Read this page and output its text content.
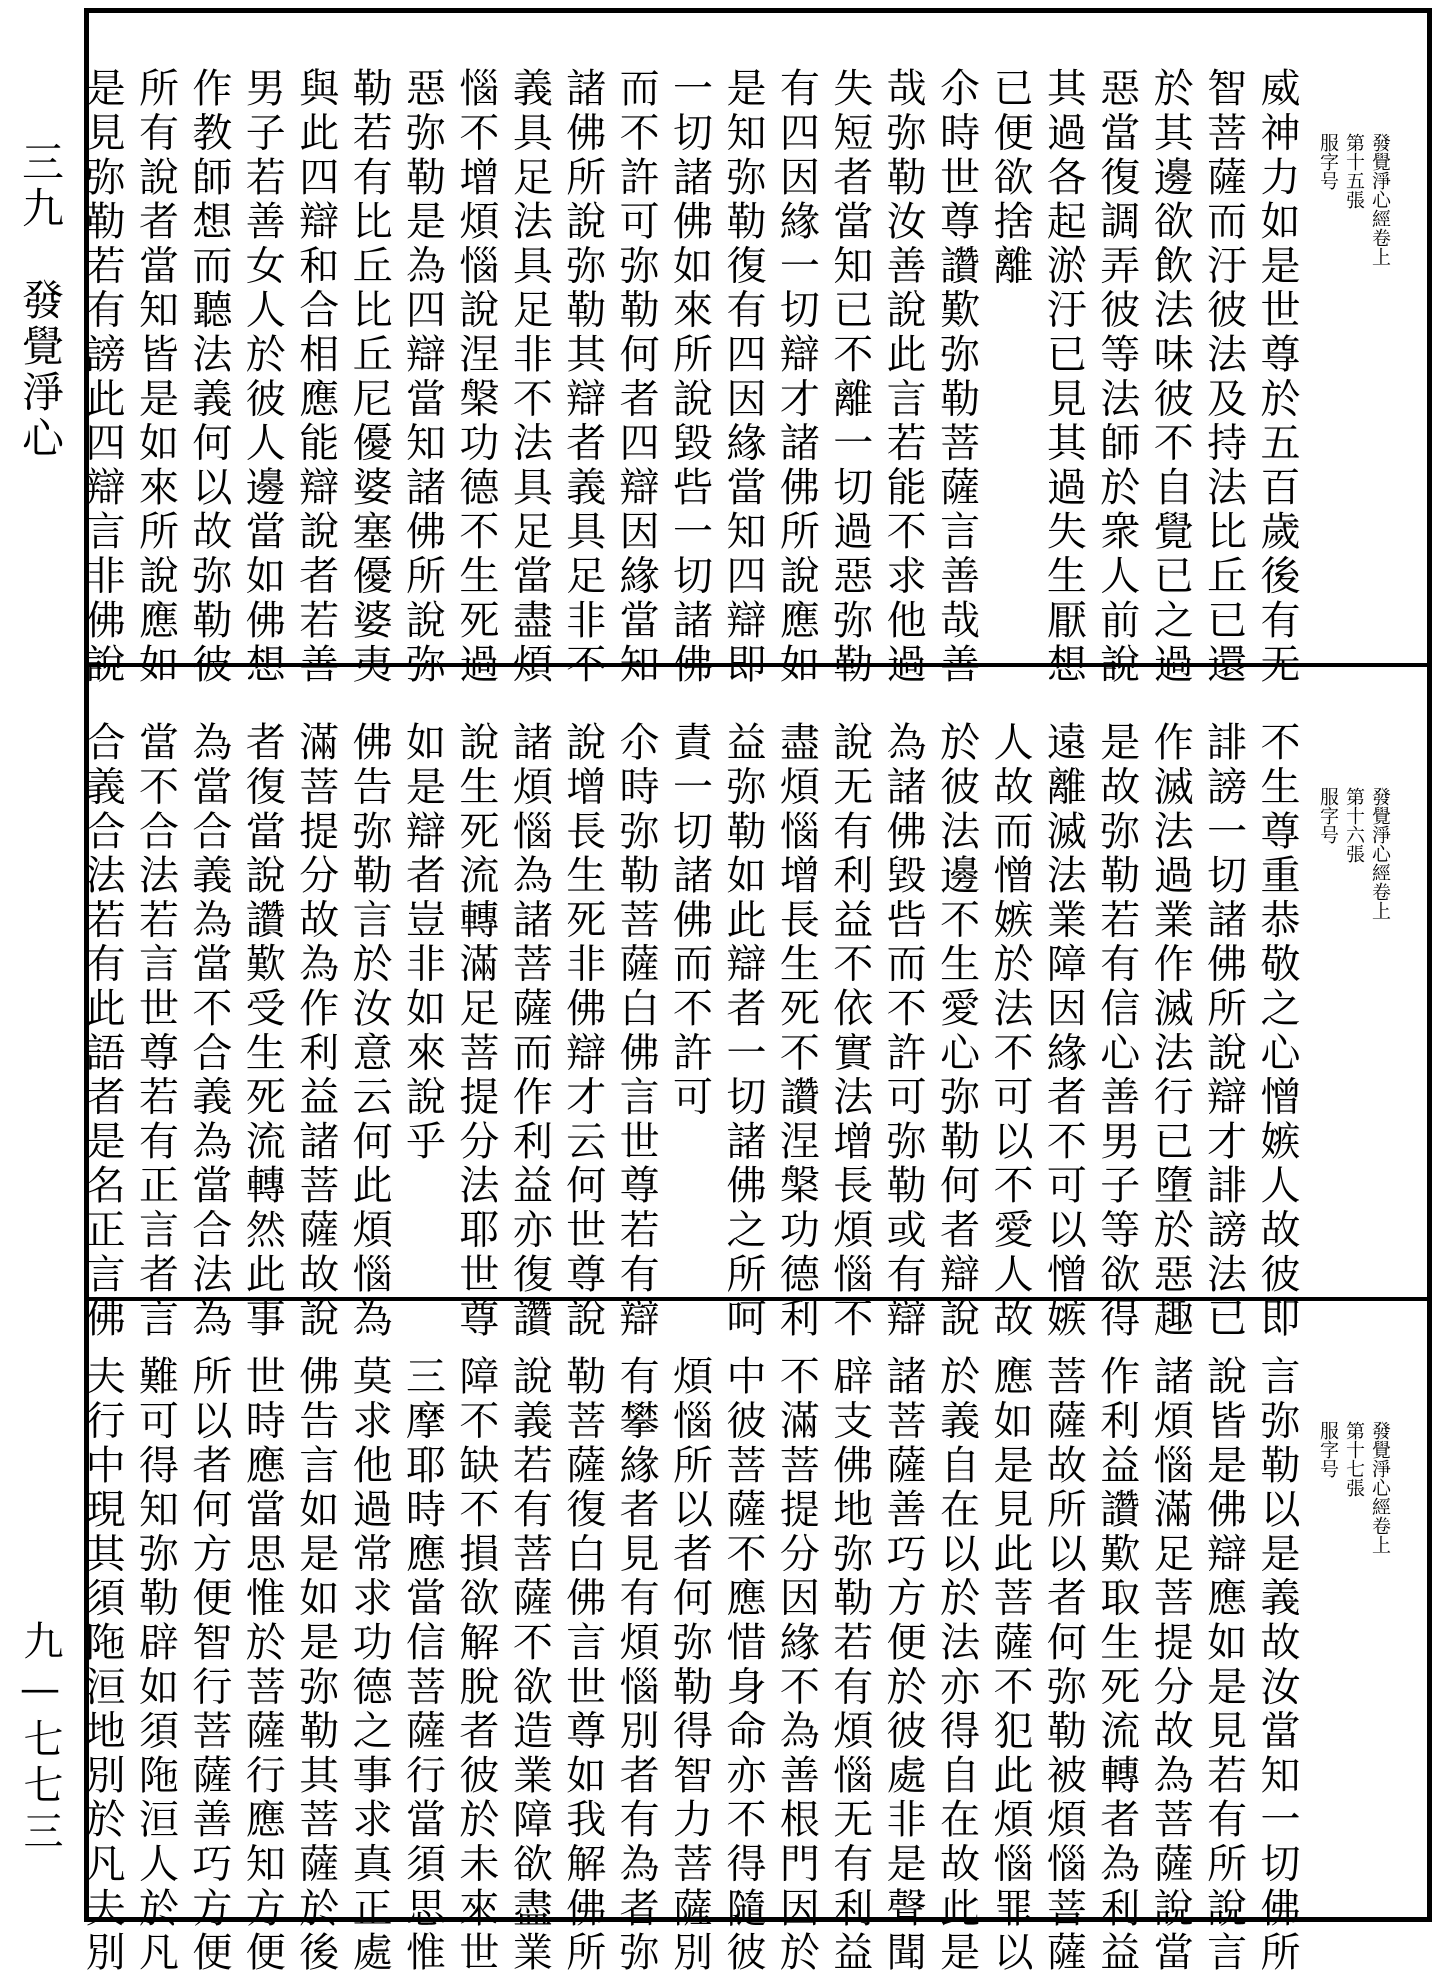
三九　發覺淨心　
九—七七三
發覺淨心經卷上
第十五張
服字号
威神力如是世尊於五百歲後有无
智菩薩而汙彼法及持法比丘已還
於其邊欲飲法味彼不自覺已之過
惡當復調弄彼等法師於衆人前說
其過各起淤汙已見其過失生厭想
已便欲捨離
尒時世尊讚歎弥勒菩薩言善哉善
哉弥勒汝善說此言若能不求他過
失短者當知已不離一切過惡弥勒
有四因緣一切辯才諸佛所說應如
是知弥勒復有四因緣當知四辯即
一切諸佛如來所說毀呰一切諸佛
而不許可弥勒何者四辯因緣當知
諸佛所說弥勒其辯者義具足非不
義具足法具足非不法具足當盡煩
惱不增煩惱說涅槃功德不生死過
惡弥勒是為四辯當知諸佛所說弥
勒若有比丘比丘尼優婆塞優婆夷
與此四辯和合相應能辯說者若善
男子若善女人於彼人邊當如佛想
作教師想而聽法義何以故弥勒彼
所有說者當知皆是如來所說應如
是見弥勒若有謗此四辯言非佛說
發覺淨心經卷上
第十六張
服字号
不生尊重恭敬之心憎嫉人故彼即
誹謗一切諸佛所說辯才誹謗法已
作滅法過業作滅法行已墮於惡趣
是故弥勒若有信心善男子等欲得
遠離滅法業障因緣者不可以憎嫉
人故而憎嫉於法不可以不愛人故
於彼法邊不生愛心弥勒何者辯說
為諸佛毀呰而不許可弥勒或有辯
說无有利益不依實法增長煩惱不
盡煩惱增長生死不讚涅槃功德利
益弥勒如此辯者一切諸佛之所呵
責一切諸佛而不許可
尒時弥勒菩薩白佛言世尊若有辯
說增長生死非佛辯才云何世尊說
諸煩惱為諸菩薩而作利益亦復讚
說生死流轉滿足菩提分法耶世尊
如是辯者豈非如來說乎
佛告弥勒言於汝意云何此煩惱為
滿菩提分故為作利益諸菩薩故說
者復當說讚歎受生死流轉然此事
為當合義為當不合義為當合法為
當不合法若言世尊若有正言者言
合義合法若有此語者是名正言佛
發覺淨心經卷上
第十七張
服字号
言弥勒以是義故汝當知一切佛所
說皆是佛辯應如是見若有所說言
諸煩惱滿足菩提分故為菩薩說當
作利益讚歎取生死流轉者為利益
菩薩故所以者何弥勒被煩惱菩薩
應如是見此菩薩不犯此煩惱罪以
於義自在以於法亦得自在故此是
諸菩薩善巧方便於彼處非是聲聞
辟支佛地弥勒若有煩惱无有利益
不滿菩提分因緣不為善根門因於
中彼菩薩不應惜身命亦不得隨彼
煩惱所以者何弥勒得智力菩薩別
有攀緣者見有煩惱別者有為者弥
勒菩薩復白佛言世尊如我解佛所
說義若有菩薩不欲造業障欲盡業
障不缺不損欲解脫者彼於未來世
三摩耶時應當信菩薩行當須思惟
莫求他過常求功德之事求真正處
佛告言如是如是弥勒其菩薩於後
世時應當思惟於菩薩行應知方便
所以者何方便智行菩薩善巧方便
難可得知弥勒辟如須陁洹人於凡
夫行中現其須陁洹地別於凡夫別
